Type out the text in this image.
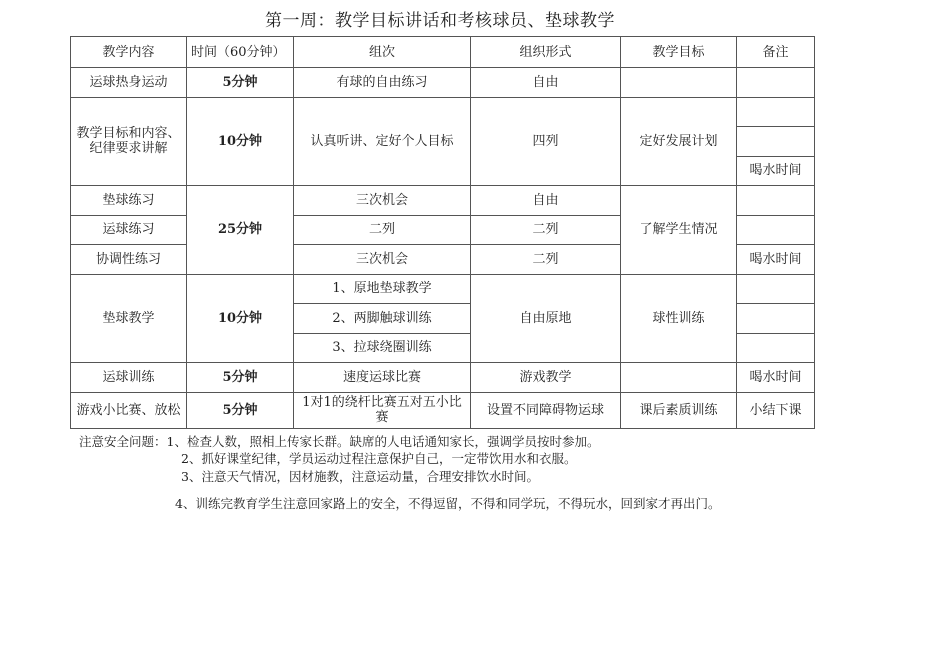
第一周：教学目标讲话和考核球员、垫球教学
教学内容	时间（60分钟）	组次	组织形式	教学目标	备注
运球热身运动	5分钟	有球的自由练习	自由		
教学目标和内容、纪律要求讲解	10分钟	认真听讲、定好个人目标	四列	定好发展计划	

					喝水时间
垫球练习	25分钟	三次机会	自由	了解学生情况	
运球练习		二列	二列		
协调性练习		三次机会	二列		喝水时间
垫球教学	10分钟	1、原地垫球教学	自由原地	球性训练	
		2、两脚触球训练			
		3、拉球绕圈训练			
运球训练	5分钟	速度运球比赛	游戏教学		喝水时间
游戏小比赛、放松	5分钟	1对1的绕杆比赛五对五小比赛	设置不同障碍物运球	课后素质训练	小结下课
注意安全问题：1、检查人数，照相上传家长群。缺席的人电话通知家长，强调学员按时参加。
2、抓好课堂纪律，学员运动过程注意保护自己，一定带饮用水和衣服。
3、注意天气情况，因材施教，注意运动量，合理安排饮水时间。
4、训练完教育学生注意回家路上的安全，不得逗留，不得和同学玩，不得玩水，回到家才再出门。
